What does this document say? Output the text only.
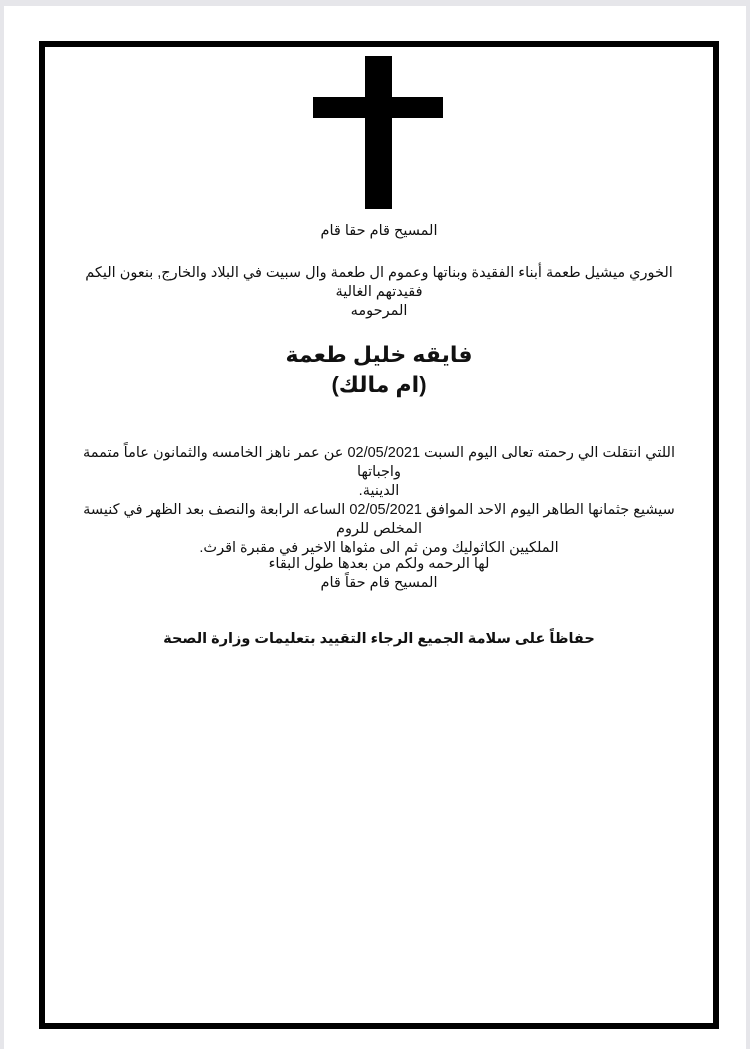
المسيح قام حقا قام
الخوري ميشيل طعمة أبناء الفقيدة وبناتها وعموم ال طعمة وال سبيت في البلاد والخارج, بنعون اليكم فقيدتهم الغالية
المرحومه
فايقه خليل طعمة
(ام مالك)
اللتي انتقلت الي رحمته تعالى اليوم السبت 02/05/2021 عن عمر ناهز الخامسه والثمانون عاماً متممة واجباتها
الدينية.
سيشيع جثمانها الطاهر اليوم الاحد الموافق 02/05/2021 الساعه الرابعة والنصف بعد الظهر في كنيسة المخلص للروم
الملكيين الكاثوليك ومن ثم الى مثواها الاخير في مقبرة اقرث.
لها الرحمه ولكم من بعدها طول البقاء
المسيح قام حقاً قام
حفاظاً على سلامة الجميع الرجاء التقييد بتعليمات وزارة الصحة
